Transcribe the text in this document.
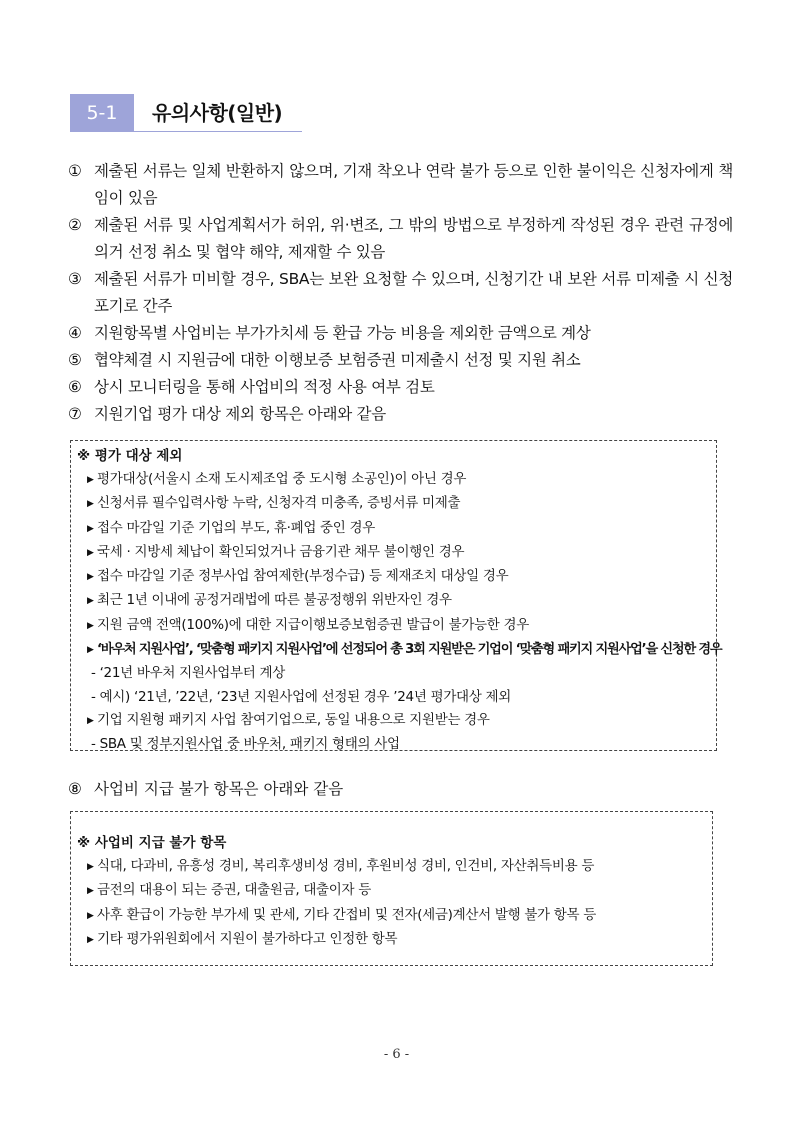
5-1	유의사항(일반)
① 제출된 서류는 일체 반환하지 않으며, 기재 착오나 연락 불가 등으로 인한 불이익은 신청자에게 책임이 있음
② 제출된 서류 및 사업계획서가 허위, 위·변조, 그 밖의 방법으로 부정하게 작성된 경우 관련 규정에 의거 선정 취소 및 협약 해약, 제재할 수 있음
③ 제출된 서류가 미비할 경우, SBA는 보완 요청할 수 있으며, 신청기간 내 보완 서류 미제출 시 신청 포기로 간주
④ 지원항목별 사업비는 부가가치세 등 환급 가능 비용을 제외한 금액으로 계상
⑤ 협약체결 시 지원금에 대한 이행보증 보험증권 미제출시 선정 및 지원 취소
⑥ 상시 모니터링을 통해 사업비의 적정 사용 여부 검토
⑦ 지원기업 평가 대상 제외 항목은 아래와 같음
※ 평가 대상 제외
▶ 평가대상(서울시 소재 도시제조업 중 도시형 소공인)이 아닌 경우
▶ 신청서류 필수입력사항 누락, 신청자격 미충족, 증빙서류 미제출
▶ 접수 마감일 기준 기업의 부도, 휴·폐업 중인 경우
▶ 국세 · 지방세 체납이 확인되었거나 금융기관 채무 불이행인 경우
▶ 접수 마감일 기준 정부사업 참여제한(부정수급) 등 제재조치 대상일 경우
▶ 최근 1년 이내에 공정거래법에 따른 불공정행위 위반자인 경우
▶ 지원 금액 전액(100%)에 대한 지급이행보증보험증권 발급이 불가능한 경우
▶ ‘바우처 지원사업’, ‘맞춤형 패키지 지원사업’에 선정되어 총 3회 지원받은 기업이 ‘맞춤형 패키지 지원사업’을 신청한 경우
- ‘21년 바우처 지원사업부터 계상
- 예시) ‘21년, ’22년, ‘23년 지원사업에 선정된 경우 ’24년 평가대상 제외
▶ 기업 지원형 패키지 사업 참여기업으로, 동일 내용으로 지원받는 경우
- SBA 및 정부지원사업 중 바우처, 패키지 형태의 사업
⑧ 사업비 지급 불가 항목은 아래와 같음
※ 사업비 지급 불가 항목
▶ 식대, 다과비, 유흥성 경비, 복리후생비성 경비, 후원비성 경비, 인건비, 자산취득비용 등
▶ 금전의 대용이 되는 증권, 대출원금, 대출이자 등
▶ 사후 환급이 가능한 부가세 및 관세, 기타 간접비 및 전자(세금)계산서 발행 불가 항목 등
▶ 기타 평가위원회에서 지원이 불가하다고 인정한 항목
- 6 -
